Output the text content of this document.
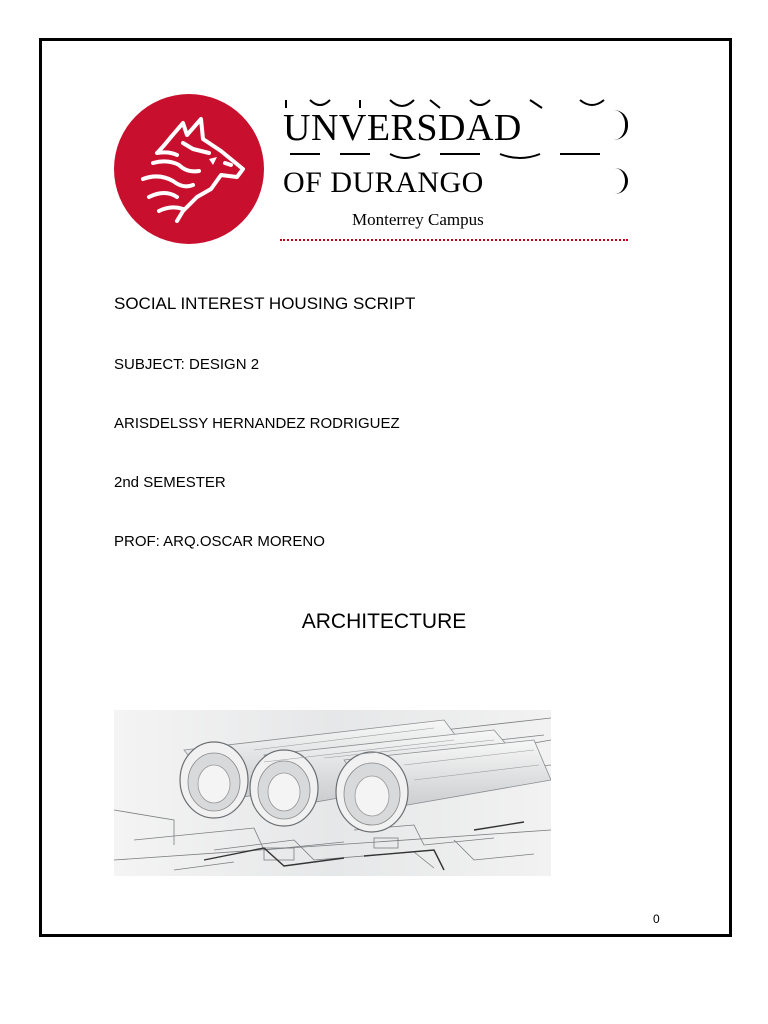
UNVERSDAD
OF DURANGO
Monterrey Campus
SOCIAL INTEREST HOUSING SCRIPT
SUBJECT: DESIGN 2
ARISDELSSY HERNANDEZ RODRIGUEZ
2nd SEMESTER
PROF: ARQ.OSCAR MORENO
ARCHITECTURE
0
